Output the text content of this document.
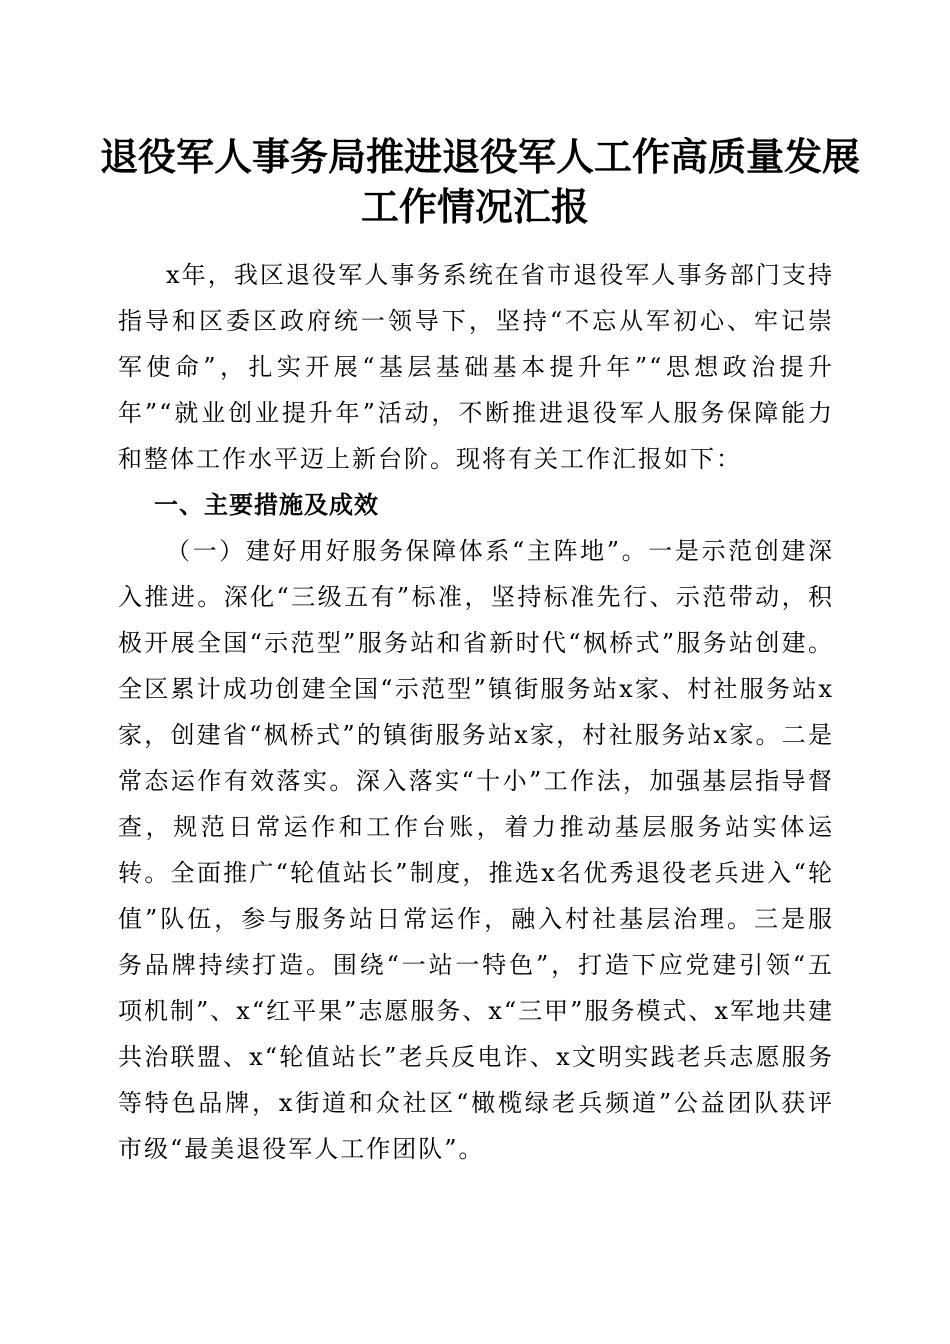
退役军人事务局推进退役军人工作高质量发展
工作情况汇报

x年，我区退役军人事务系统在省市退役军人事务部门支持指导和区委区政府统一领导下，坚持“不忘从军初心、牢记崇军使命”，扎实开展“基层基础基本提升年”“思想政治提升年”“就业创业提升年”活动，不断推进退役军人服务保障能力和整体工作水平迈上新台阶。现将有关工作汇报如下：

一、主要措施及成效

（一）建好用好服务保障体系“主阵地”。一是示范创建深入推进。深化“三级五有”标准，坚持标准先行、示范带动，积极开展全国“示范型”服务站和省新时代“枫桥式”服务站创建。全区累计成功创建全国“示范型”镇街服务站x家、村社服务站x家，创建省“枫桥式”的镇街服务站x家，村社服务站x家。二是常态运作有效落实。深入落实“十小”工作法，加强基层指导督查，规范日常运作和工作台账，着力推动基层服务站实体运转。全面推广“轮值站长”制度，推选x名优秀退役老兵进入“轮值”队伍，参与服务站日常运作，融入村社基层治理。三是服务品牌持续打造。围绕“一站一特色”，打造下应党建引领“五项机制”、x“红平果”志愿服务、x“三甲”服务模式、x军地共建共治联盟、x“轮值站长”老兵反电诈、x文明实践老兵志愿服务等特色品牌，x街道和众社区“橄榄绿老兵频道”公益团队获评市级“最美退役军人工作团队”。
